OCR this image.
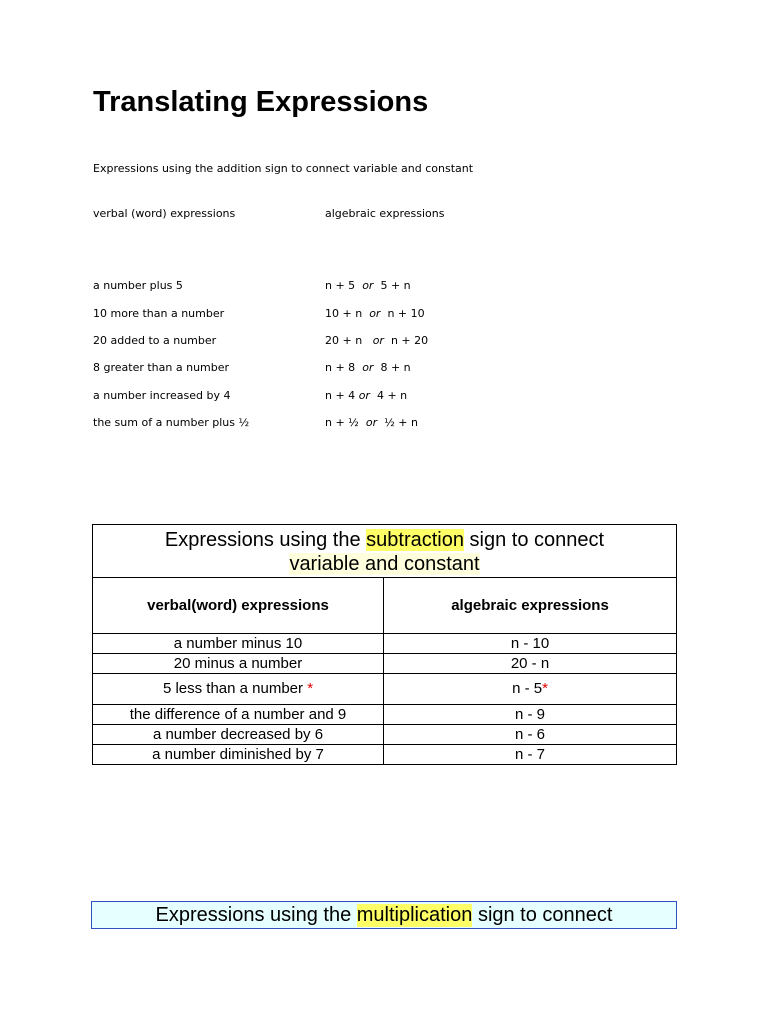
Translating Expressions
Expressions using the addition sign to connect variable and constant
verbal (word) expressions	algebraic expressions
a number plus 5	n + 5 or 5 + n
10 more than a number	10 + n or n + 10
20 added to a number	20 + n or n + 20
8 greater than a number	n + 8 or 8 + n
a number increased by 4	n + 4 or 4 + n
the sum of a number plus ½	n + ½ or ½ + n
Expressions using the subtraction sign to connect
variable and constant	
verbal(word) expressions	algebraic expressions
a number minus 10	n - 10
20 minus a number	20 - n
5 less than a number *	n - 5*
the difference of a number and 9	n - 9
a number decreased by 6	n - 6
a number diminished by 7	n - 7
Expressions using the
multiplication
sign to connect
